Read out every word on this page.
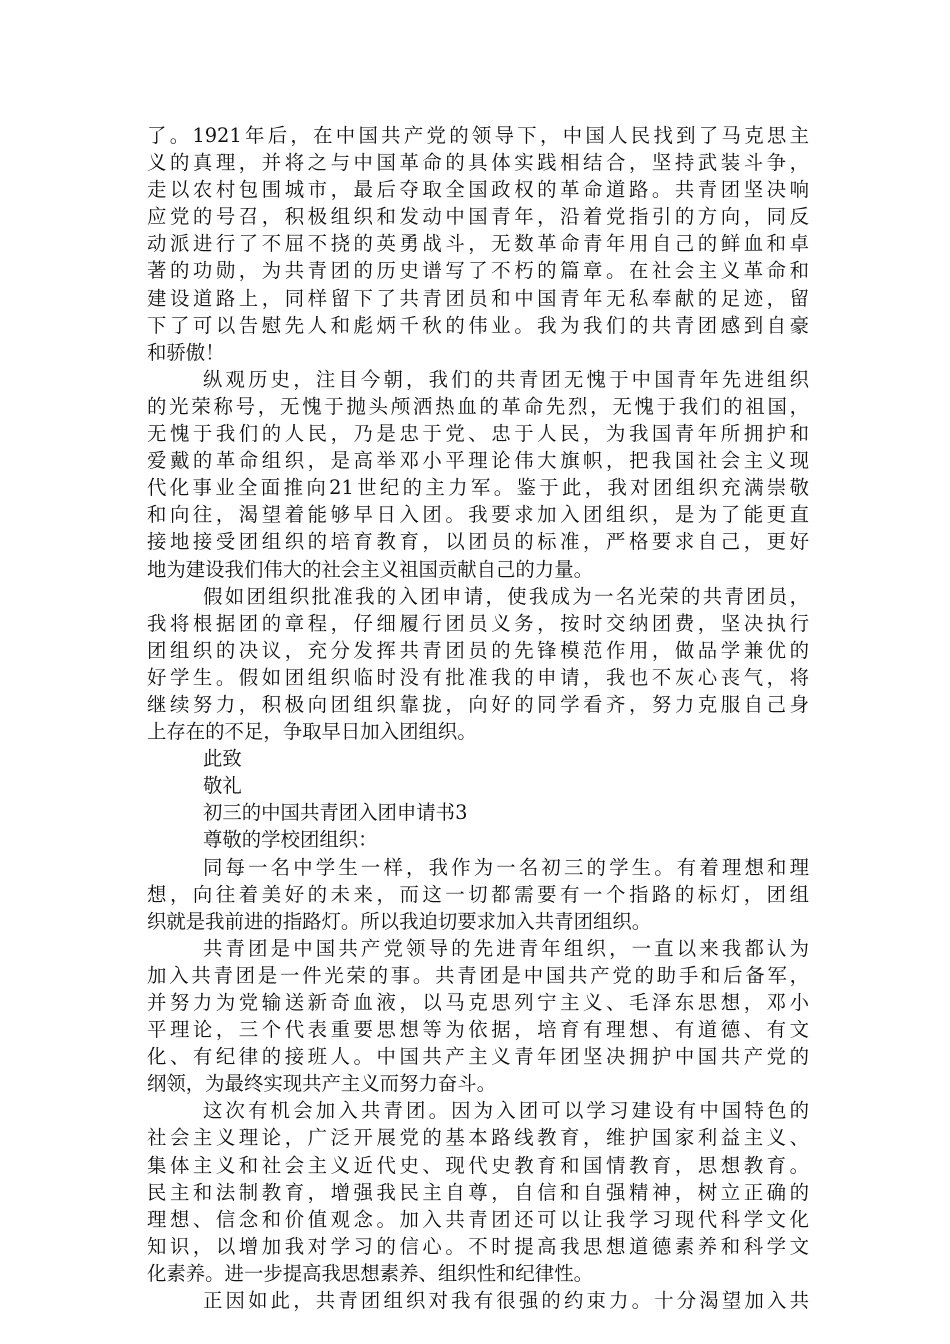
了。1921年后，在中国共产党的领导下，中国人民找到了马克思主
义的真理，并将之与中国革命的具体实践相结合，坚持武装斗争，
走以农村包围城市，最后夺取全国政权的革命道路。共青团坚决响
应党的号召，积极组织和发动中国青年，沿着党指引的方向，同反
动派进行了不屈不挠的英勇战斗，无数革命青年用自己的鲜血和卓
著的功勋，为共青团的历史谱写了不朽的篇章。在社会主义革命和
建设道路上，同样留下了共青团员和中国青年无私奉献的足迹，留
下了可以告慰先人和彪炳千秋的伟业。我为我们的共青团感到自豪
和骄傲！
纵观历史，注目今朝，我们的共青团无愧于中国青年先进组织
的光荣称号，无愧于抛头颅洒热血的革命先烈，无愧于我们的祖国，
无愧于我们的人民，乃是忠于党、忠于人民，为我国青年所拥护和
爱戴的革命组织，是高举邓小平理论伟大旗帜，把我国社会主义现
代化事业全面推向21世纪的主力军。鉴于此，我对团组织充满崇敬
和向往，渴望着能够早日入团。我要求加入团组织，是为了能更直
接地接受团组织的培育教育，以团员的标准，严格要求自己，更好
地为建设我们伟大的社会主义祖国贡献自己的力量。
假如团组织批准我的入团申请，使我成为一名光荣的共青团员，
我将根据团的章程，仔细履行团员义务，按时交纳团费，坚决执行
团组织的决议，充分发挥共青团员的先锋模范作用，做品学兼优的
好学生。假如团组织临时没有批准我的申请，我也不灰心丧气，将
继续努力，积极向团组织靠拢，向好的同学看齐，努力克服自己身
上存在的不足，争取早日加入团组织。
此致
敬礼
初三的中国共青团入团申请书3
尊敬的学校团组织：
同每一名中学生一样，我作为一名初三的学生。有着理想和理
想，向往着美好的未来，而这一切都需要有一个指路的标灯，团组
织就是我前进的指路灯。所以我迫切要求加入共青团组织。
共青团是中国共产党领导的先进青年组织，一直以来我都认为
加入共青团是一件光荣的事。共青团是中国共产党的助手和后备军，
并努力为党输送新奇血液，以马克思列宁主义、毛泽东思想，邓小
平理论，三个代表重要思想等为依据，培育有理想、有道德、有文
化、有纪律的接班人。中国共产主义青年团坚决拥护中国共产党的
纲领，为最终实现共产主义而努力奋斗。
这次有机会加入共青团。因为入团可以学习建设有中国特色的
社会主义理论，广泛开展党的基本路线教育，维护国家利益主义、
集体主义和社会主义近代史、现代史教育和国情教育，思想教育。
民主和法制教育，增强我民主自尊，自信和自强精神，树立正确的
理想、信念和价值观念。加入共青团还可以让我学习现代科学文化
知识，以增加我对学习的信心。不时提高我思想道德素养和科学文
化素养。进一步提高我思想素养、组织性和纪律性。
正因如此，共青团组织对我有很强的约束力。十分渴望加入共
